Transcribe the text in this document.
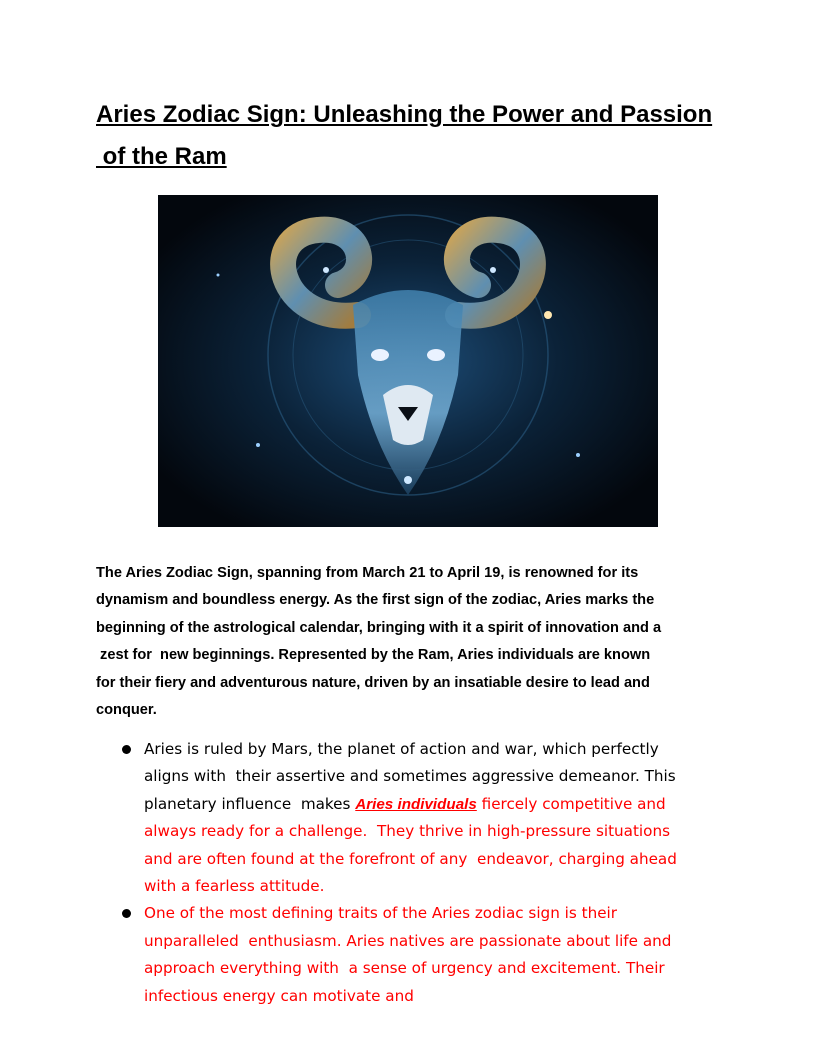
Aries Zodiac Sign: Unleashing the Power and Passion
of the Ram

The Aries Zodiac Sign, spanning from March 21 to April 19, is renowned for its
dynamism and boundless energy. As the first sign of the zodiac, Aries marks the
beginning of the astrological calendar, bringing with it a spirit of innovation and a
zest for  new beginnings. Represented by the Ram, Aries individuals are known
for their fiery and adventurous nature, driven by an insatiable desire to lead and
conquer.

Aries is ruled by Mars, the planet of action and war, which perfectly
aligns with  their assertive and sometimes aggressive demeanor. This
planetary influence  makes Aries individuals fiercely competitive and
always ready for a challenge.  They thrive in high-pressure situations
and are often found at the forefront of any  endeavor, charging ahead
with a fearless attitude.
One of the most defining traits of the Aries zodiac sign is their
unparalleled  enthusiasm. Aries natives are passionate about life and
approach everything with  a sense of urgency and excitement. Their
infectious energy can motivate and
